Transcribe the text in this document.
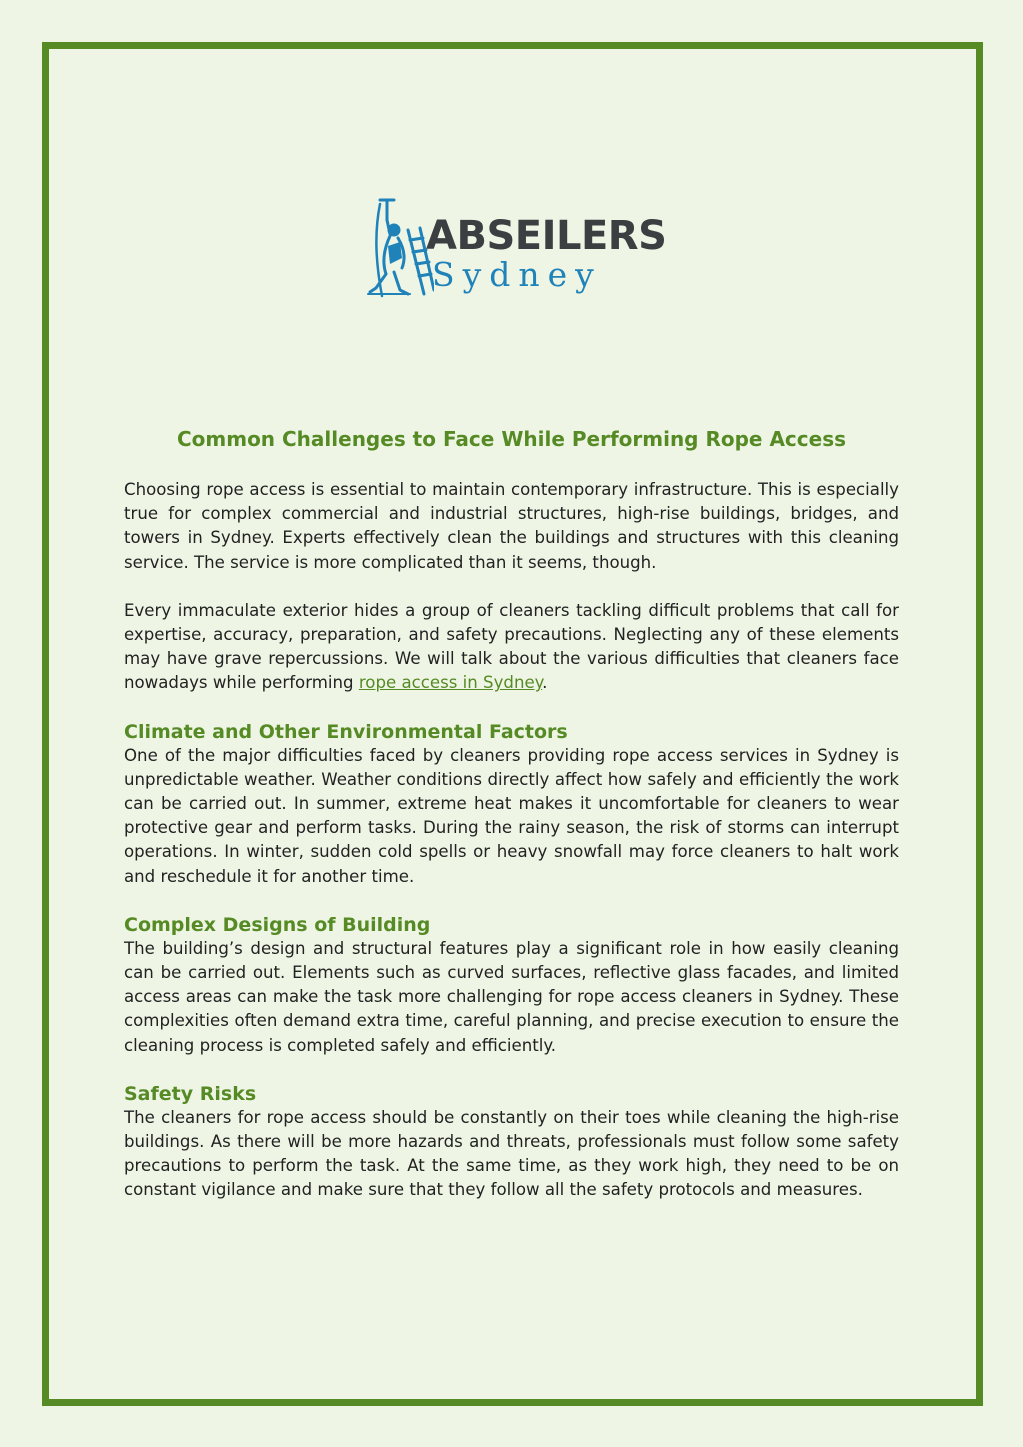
ABSEILERS
Sydney
Common Challenges to Face While Performing Rope Access

Choosing rope access is essential to maintain contemporary infrastructure. This is especially true for complex commercial and industrial structures, high-rise buildings, bridges, and towers in Sydney. Experts effectively clean the buildings and structures with this cleaning service. The service is more complicated than it seems, though.

Every immaculate exterior hides a group of cleaners tackling difficult problems that call for expertise, accuracy, preparation, and safety precautions. Neglecting any of these elements may have grave repercussions. We will talk about the various difficulties that cleaners face nowadays while performing rope access in Sydney.

Climate and Other Environmental Factors

One of the major difficulties faced by cleaners providing rope access services in Sydney is unpredictable weather. Weather conditions directly affect how safely and efficiently the work can be carried out. In summer, extreme heat makes it uncomfortable for cleaners to wear protective gear and perform tasks. During the rainy season, the risk of storms can interrupt operations. In winter, sudden cold spells or heavy snowfall may force cleaners to halt work and reschedule it for another time.

Complex Designs of Building

The building’s design and structural features play a significant role in how easily cleaning can be carried out. Elements such as curved surfaces, reflective glass facades, and limited access areas can make the task more challenging for rope access cleaners in Sydney. These complexities often demand extra time, careful planning, and precise execution to ensure the cleaning process is completed safely and efficiently.

Safety Risks

The cleaners for rope access should be constantly on their toes while cleaning the high-rise buildings. As there will be more hazards and threats, professionals must follow some safety precautions to perform the task. At the same time, as they work high, they need to be on constant vigilance and make sure that they follow all the safety protocols and measures.
